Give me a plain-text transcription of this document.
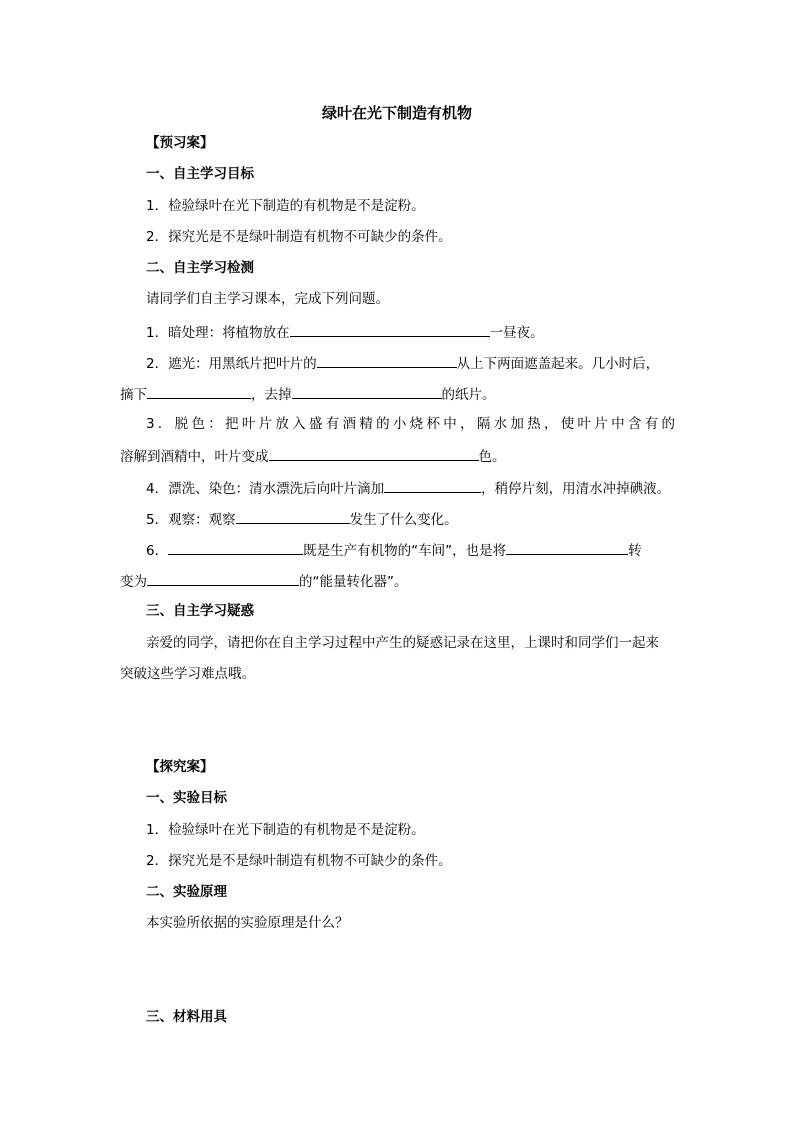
绿叶在光下制造有机物
【预习案】
一、自主学习目标
1．检验绿叶在光下制造的有机物是不是淀粉。
2．探究光是不是绿叶制造有机物不可缺少的条件。
二、自主学习检测
请同学们自主学习课本，完成下列问题。
1．暗处理：将植物放在	一昼夜。
2．遮光：用黑纸片把叶片的	从上下两面遮盖起来。几小时后，
摘下	，去掉	的纸片。
3．脱色：把叶片放入盛有酒精的小烧杯中，隔水加热，使叶片中含有的
溶解到酒精中，叶片变成	色。
4．漂洗、染色：清水漂洗后向叶片滴加	，稍停片刻，用清水冲掉碘液。
5．观察：观察	发生了什么变化。
6．	既是生产有机物的“车间”，也是将	转
变为	的“能量转化器”。
三、自主学习疑惑
亲爱的同学，请把你在自主学习过程中产生的疑惑记录在这里，上课时和同学们一起来
突破这些学习难点哦。
【探究案】
一、实验目标
1．检验绿叶在光下制造的有机物是不是淀粉。
2．探究光是不是绿叶制造有机物不可缺少的条件。
二、实验原理
本实验所依据的实验原理是什么？
三、材料用具
